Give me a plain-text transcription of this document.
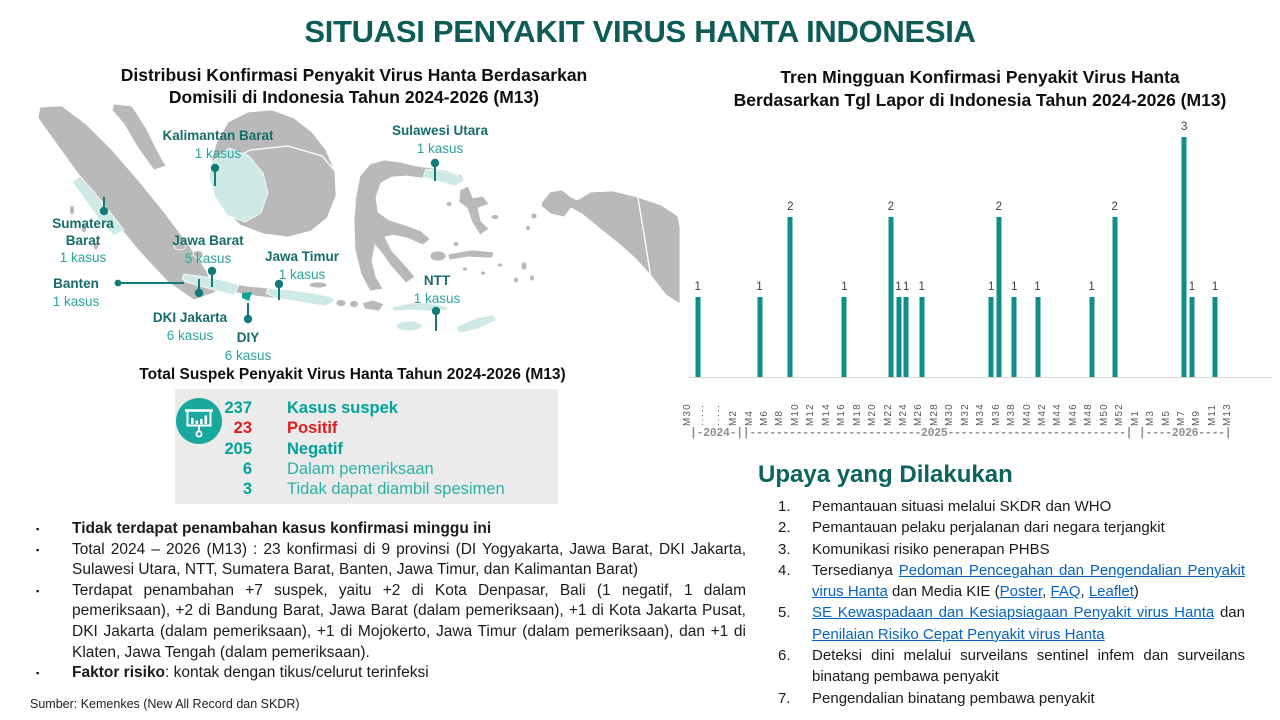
SITUASI PENYAKIT VIRUS HANTA INDONESIA
Distribusi Konfirmasi Penyakit Virus Hanta Berdasarkan
Domisili di Indonesia Tahun 2024-2026 (M13)
Kalimantan Barat
1 kasus
Sulawesi Utara
1 kasus
Sumatera
Barat
1 kasus
Jawa Barat
5 kasus
Banten
1 kasus
DKI Jakarta
6 kasus	DIY
6 kasus
Jawa Timur
1 kasus	NTT
1 kasus
Total Suspek Penyakit Virus Hanta Tahun 2024-2026 (M13)
237 Kasus suspek
23 Positif
205 Negatif
6 Dalam pemeriksaan
3 Tidak dapat diambil spesimen
▪	Tidak terdapat penambahan kasus konfirmasi minggu ini
▪	Total 2024 – 2026 (M13) : 23 konfirmasi di 9 provinsi (DI Yogyakarta, Jawa Barat, DKI Jakarta, Sulawesi Utara, NTT, Sumatera Barat, Banten, Jawa Timur, dan Kalimantan Barat)
▪	Terdapat penambahan +7 suspek, yaitu +2 di Kota Denpasar, Bali (1 negatif, 1 dalam pemeriksaan), +2 di Bandung Barat, Jawa Barat (dalam pemeriksaan), +1 di Kota Jakarta Pusat, DKI Jakarta (dalam pemeriksaan), +1 di Mojokerto, Jawa Timur (dalam pemeriksaan), dan +1 di Klaten, Jawa Tengah (dalam pemeriksaan).
▪	Faktor risiko: kontak dengan tikus/celurut terinfeksi
Sumber: Kemenkes (New All Record dan SKDR)
Tren Mingguan Konfirmasi Penyakit Virus Hanta
Berdasarkan Tgl Lapor di Indonesia Tahun 2024-2026 (M13)
1	1
2
1
2
1 1 1	1
2
1 1	1
2
3
1 1
M30 ····· ····· M2 M4 M6 M8 M10 M12 M14 M16 M18 M20 M22 M24 M26 M28 M30 M32 M34 M36 M38 M40 M42 M44 M46 M48 M50 M52 M1 M3 M5 M7 M9 M11 M13
|-2024-||--------------------------2025---------------------------| |----2026----|
Upaya yang Dilakukan
1.	Pemantauan situasi melalui SKDR dan WHO
2.	Pemantauan pelaku perjalanan dari negara terjangkit
3.	Komunikasi risiko penerapan PHBS
4.	Tersedianya Pedoman Pencegahan dan Pengendalian Penyakit virus Hanta dan Media KIE (Poster, FAQ, Leaflet)
5.	SE Kewaspadaan dan Kesiapsiagaan Penyakit virus Hanta dan Penilaian Risiko Cepat Penyakit virus Hanta
6.	Deteksi dini melalui surveilans sentinel infem dan surveilans binatang pembawa penyakit
7.	Pengendalian binatang pembawa penyakit
